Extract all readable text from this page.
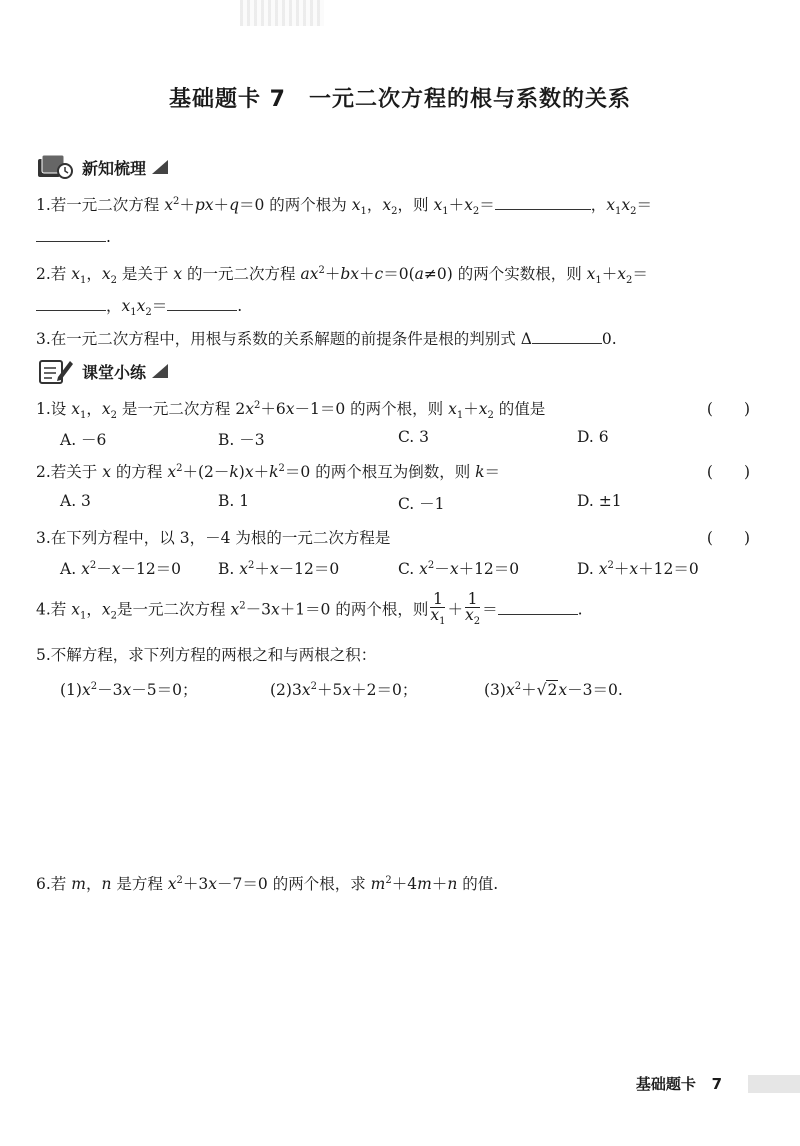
基础题卡 7　一元二次方程的根与系数的关系
新知梳理
1.若一元二次方程 $x^2+px+q=0$ 的两个根为 $x_1$，$x_2$，则 $x_1+x_2=$	，$x_1x_2=$
.
2.若 $x_1$，$x_2$ 是关于 x 的一元二次方程 $ax^2+bx+c=0(a\ne 0)$ 的两个实数根，则 $x_1+x_2=$
，$x_1x_2=$	.
3.在一元二次方程中，用根与系数的关系解题的前提条件是根的判别式 Δ	0.
课堂小练
1.设 $x_1$，$x_2$ 是一元二次方程 $2x^2+6x-1=0$ 的两个根，则 $x_1+x_2$ 的值是	(　　)
A. －6	B. －3	C. 3	D. 6
2.若关于 x 的方程 $x^2+(2-k)x+k^2=0$ 的两个根互为倒数，则 k＝	(　　)
A. 3	B. 1	C. －1	D. ±1
3.在下列方程中，以 3，－4 为根的一元二次方程是	(　　)
A. $x^2-x-12=0$ B. $x^2+x-12=0$	C. $x^2-x+12=0$	D. $x^2+x+12=0$
4.若 $x_1$，$x_2$是一元二次方程 $x^2-3x+1=0$ 的两个根，则 $\frac{1}{x_1} + \frac{1}{x_2}$ ＝	.
5.不解方程，求下列方程的两根之和与两根之积：
$(1)x^2-3x-5=0$；	$(2)3x^2+5x+2=0$；	$(3)x^2+√2x-3=0$.
6.若 m，n 是方程 $x^2+3x-7=0$ 的两个根，求 $m^2+4m+n$ 的值.
基础题卡 7
